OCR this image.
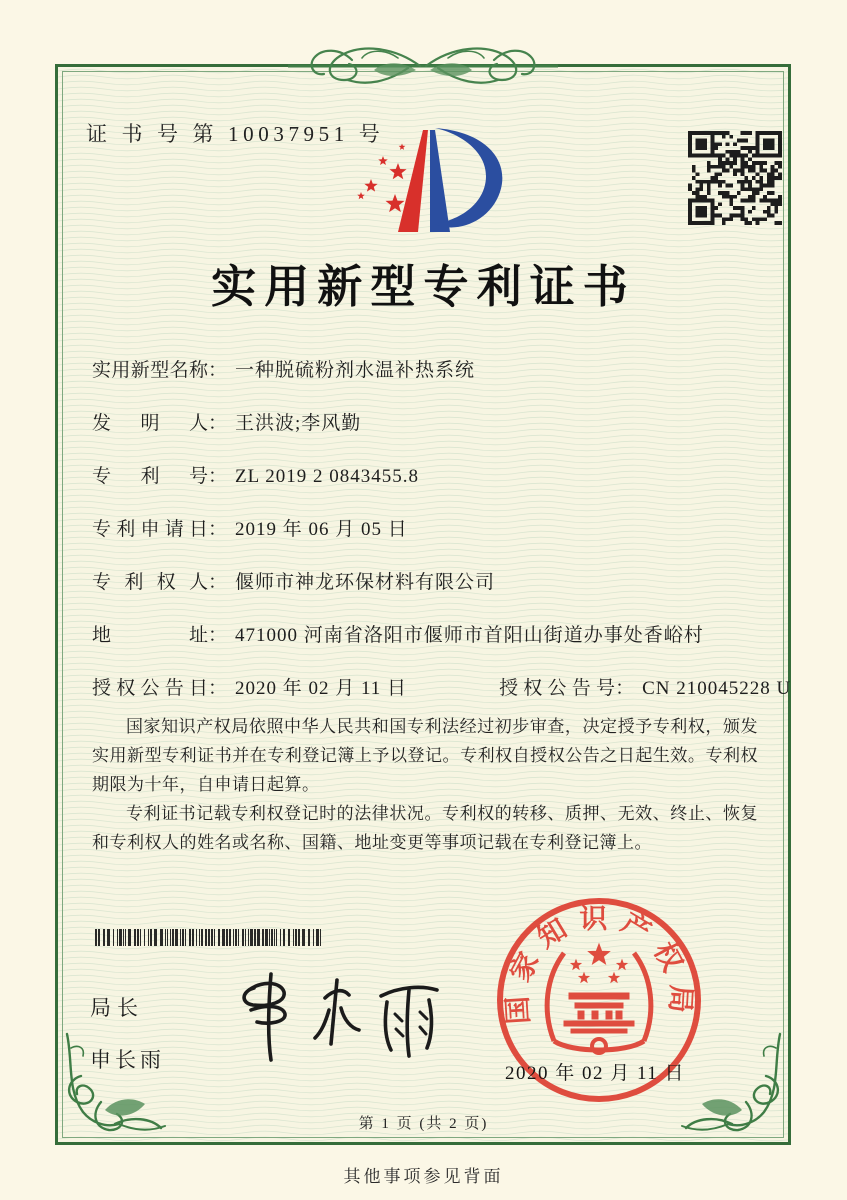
证 书 号 第 10037951 号
实用新型专利证书
实用新型名称 ： 一种脱硫粉剂水温补热系统
发明人 ： 王洪波;李风勤
专利号 ： ZL 2019 2 0843455.8
专利申请日 ： 2019 年 06 月 05 日
专利权人 ： 偃师市神龙环保材料有限公司
地址 ： 471000 河南省洛阳市偃师市首阳山街道办事处香峪村
授权公告日 ： 2020 年 02 月 11 日	授权公告号 ： CN 210045228 U

国家知识产权局依照中华人民共和国专利法经过初步审查，决定授予专利权，颁发实用新型专利证书并在专利登记簿上予以登记。专利权自授权公告之日起生效。专利权期限为十年，自申请日起算。

专利证书记载专利权登记时的法律状况。专利权的转移、质押、无效、终止、恢复和专利权人的姓名或名称、国籍、地址变更等事项记载在专利登记簿上。

局长
申长雨
国家知识产权局
2020 年 02 月 11 日
第 1 页 (共 2 页)
其他事项参见背面
